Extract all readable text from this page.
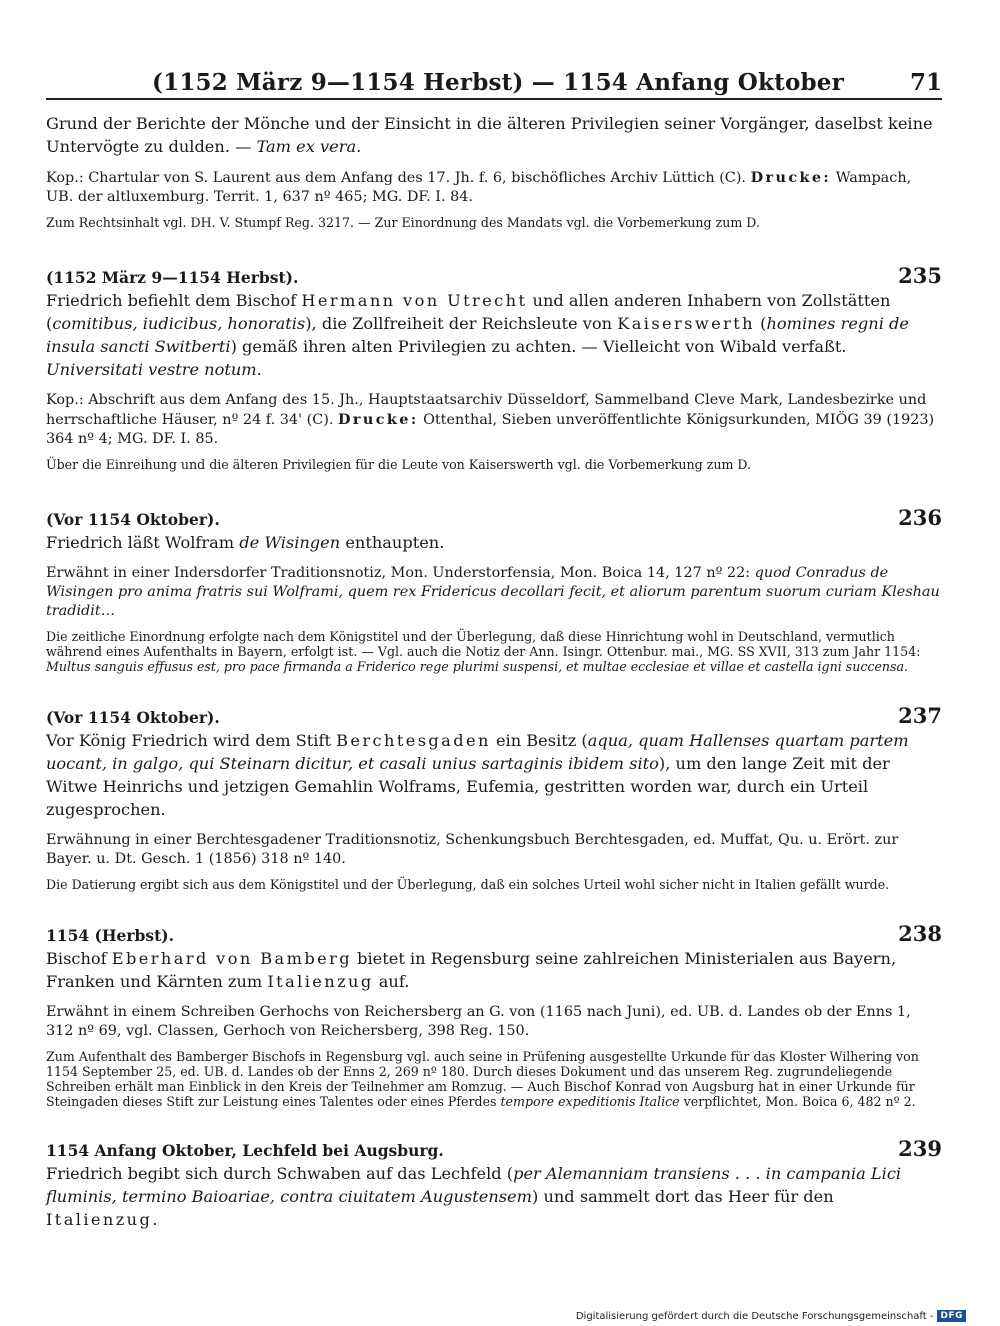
(1152 März 9—1154 Herbst) — 1154 Anfang Oktober	71
Grund der Berichte der Mönche und der Einsicht in die älteren Privilegien seiner Vorgänger, daselbst keine Untervögte zu dulden. — Tam ex vera.
Kop.: Chartular von S. Laurent aus dem Anfang des 17. Jh. f. 6, bischöfliches Archiv Lüttich (C). Drucke: Wampach, UB. der altluxemburg. Territ. 1, 637 nº 465; MG. DF. I. 84.
Zum Rechtsinhalt vgl. DH. V. Stumpf Reg. 3217. — Zur Einordnung des Mandats vgl. die Vorbemerkung zum D.
(1152 März 9—1154 Herbst).	235
Friedrich befiehlt dem Bischof Hermann von Utrecht und allen anderen Inhabern von Zollstätten (comitibus, iudicibus, honoratis), die Zollfreiheit der Reichsleute von Kaiserswerth (homines regni de insula sancti Switberti) gemäß ihren alten Privilegien zu achten. — Vielleicht von Wibald verfaßt. Universitati vestre notum.
Kop.: Abschrift aus dem Anfang des 15. Jh., Hauptstaatsarchiv Düsseldorf, Sammelband Cleve Mark, Landesbezirke und herrschaftliche Häuser, nº 24 f. 34' (C). Drucke: Ottenthal, Sieben unveröffentlichte Königsurkunden, MIÖG 39 (1923) 364 nº 4; MG. DF. I. 85.
Über die Einreihung und die älteren Privilegien für die Leute von Kaiserswerth vgl. die Vorbemerkung zum D.
(Vor 1154 Oktober).	236
Friedrich läßt Wolfram de Wisingen enthaupten.
Erwähnt in einer Indersdorfer Traditionsnotiz, Mon. Understorfensia, Mon. Boica 14, 127 nº 22: quod Conradus de Wisingen pro anima fratris sui Wolframi, quem rex Fridericus decollari fecit, et aliorum parentum suorum curiam Kleshau tradidit…
Die zeitliche Einordnung erfolgte nach dem Königstitel und der Überlegung, daß diese Hinrichtung wohl in Deutschland, vermutlich während eines Aufenthalts in Bayern, erfolgt ist. — Vgl. auch die Notiz der Ann. Isingr. Ottenbur. mai., MG. SS XVII, 313 zum Jahr 1154: Multus sanguis effusus est, pro pace firmanda a Friderico rege plurimi suspensi, et multae ecclesiae et villae et castella igni succensa.
(Vor 1154 Oktober).	237
Vor König Friedrich wird dem Stift Berchtesgaden ein Besitz (aqua, quam Hallenses quartam partem uocant, in galgo, qui Steinarn dicitur, et casali unius sartaginis ibidem sito), um den lange Zeit mit der Witwe Heinrichs und jetzigen Gemahlin Wolframs, Eufemia, gestritten worden war, durch ein Urteil zugesprochen.
Erwähnung in einer Berchtesgadener Traditionsnotiz, Schenkungsbuch Berchtesgaden, ed. Muffat, Qu. u. Erört. zur Bayer. u. Dt. Gesch. 1 (1856) 318 nº 140.
Die Datierung ergibt sich aus dem Königstitel und der Überlegung, daß ein solches Urteil wohl sicher nicht in Italien gefällt wurde.
1154 (Herbst).	238
Bischof Eberhard von Bamberg bietet in Regensburg seine zahlreichen Ministerialen aus Bayern, Franken und Kärnten zum Italienzug auf.
Erwähnt in einem Schreiben Gerhochs von Reichersberg an G. von (1165 nach Juni), ed. UB. d. Landes ob der Enns 1, 312 nº 69, vgl. Classen, Gerhoch von Reichersberg, 398 Reg. 150.
Zum Aufenthalt des Bamberger Bischofs in Regensburg vgl. auch seine in Prüfening ausgestellte Urkunde für das Kloster Wilhering von 1154 September 25, ed. UB. d. Landes ob der Enns 2, 269 nº 180. Durch dieses Dokument und das unserem Reg. zugrundeliegende Schreiben erhält man Einblick in den Kreis der Teilnehmer am Romzug. — Auch Bischof Konrad von Augsburg hat in einer Urkunde für Steingaden dieses Stift zur Leistung eines Talentes oder eines Pferdes tempore expeditionis Italice verpflichtet, Mon. Boica 6, 482 nº 2.
1154 Anfang Oktober, Lechfeld bei Augsburg.	239
Friedrich begibt sich durch Schwaben auf das Lechfeld (per Alemanniam transiens . . . in campania Lici fluminis, termino Baioariae, contra ciuitatem Augustensem) und sammelt dort das Heer für den Italienzug.
Digitalisierung gefördert durch die Deutsche Forschungsgemeinschaft - DFG
